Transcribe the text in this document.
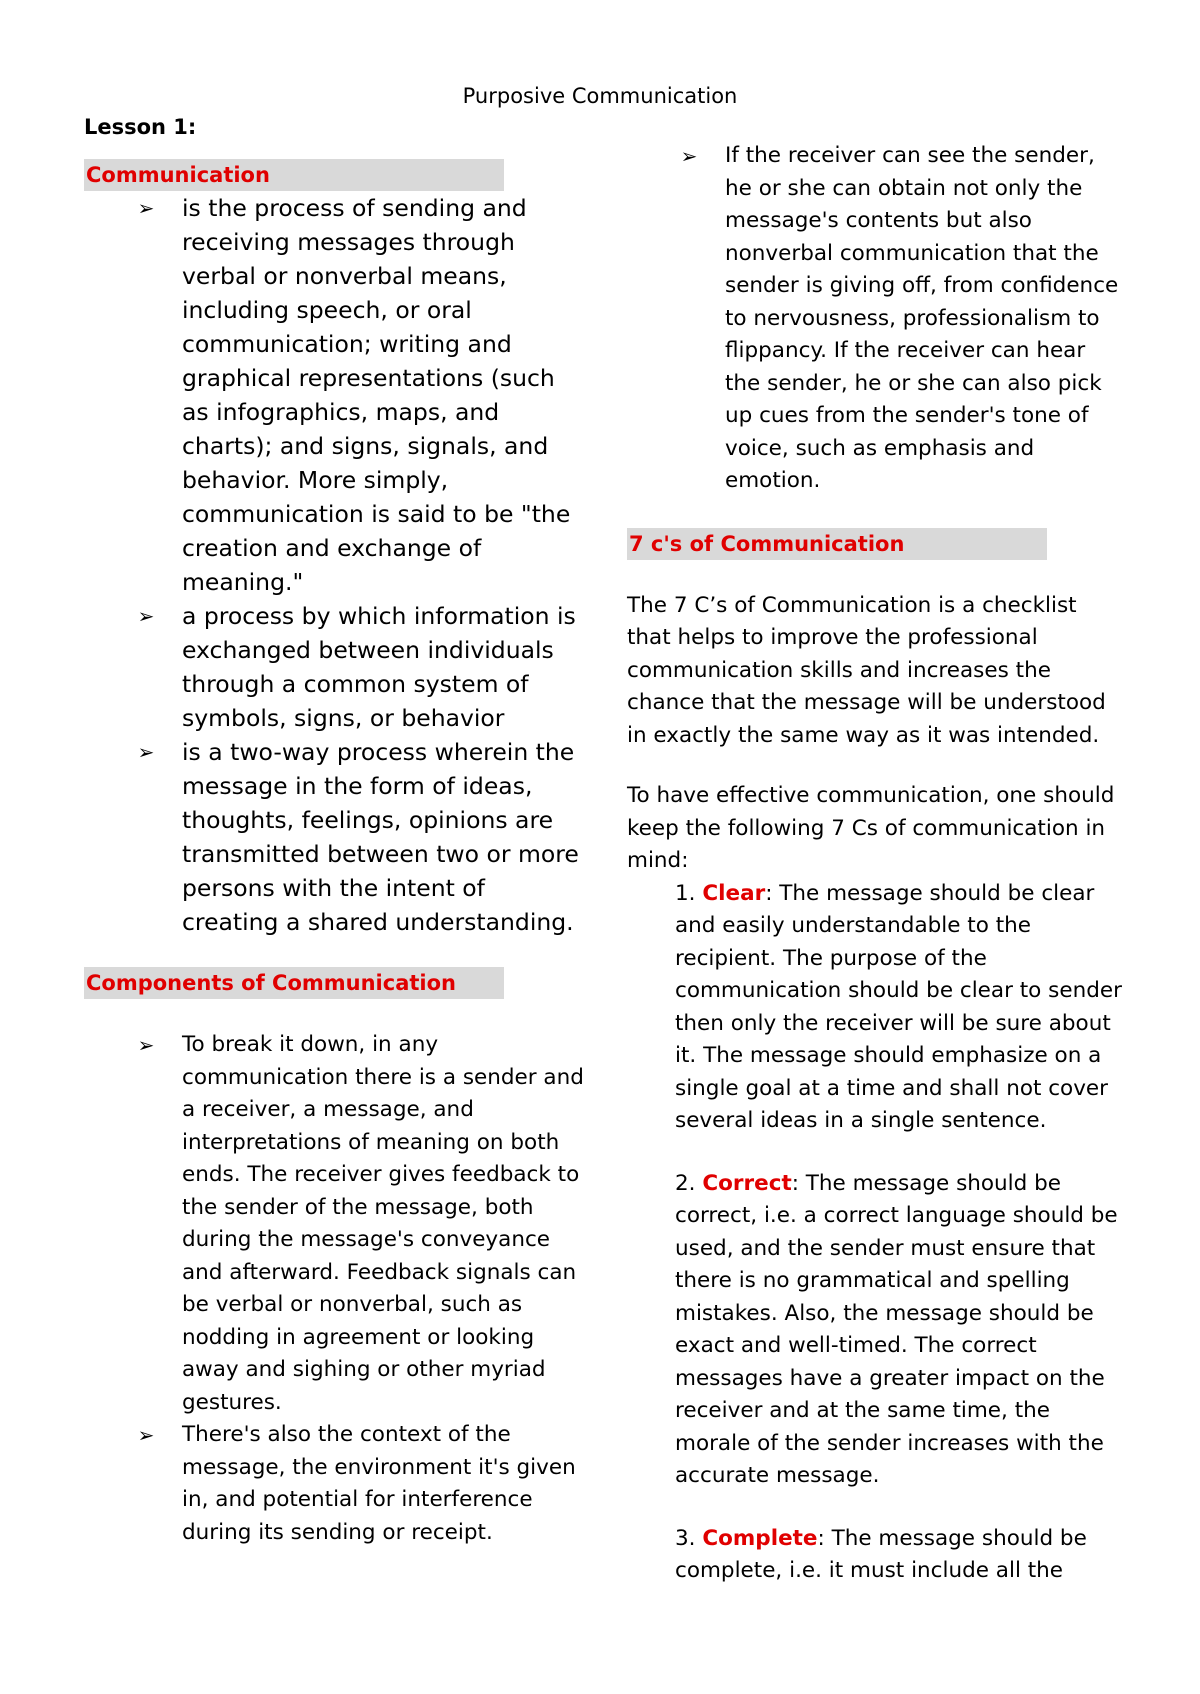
Purposive Communication
Lesson 1:
Communication
➢ is the process of sending and receiving messages through verbal or nonverbal means, including speech, or oral communication; writing and graphical representations (such as infographics, maps, and charts); and signs, signals, and behavior. More simply, communication is said to be "the creation and exchange of meaning."
➢ a process by which information is exchanged between individuals through a common system of symbols, signs, or behavior
➢ is a two-way process wherein the message in the form of ideas, thoughts, feelings, opinions are transmitted between two or more persons with the intent of creating a shared understanding.
Components of Communication
➢ To break it down, in any communication there is a sender and a receiver, a message, and interpretations of meaning on both ends. The receiver gives feedback to the sender of the message, both during the message's conveyance and afterward. Feedback signals can be verbal or nonverbal, such as nodding in agreement or looking away and sighing or other myriad gestures.
➢ There's also the context of the message, the environment it's given in, and potential for interference during its sending or receipt.
➢ If the receiver can see the sender, he or she can obtain not only the message's contents but also nonverbal communication that the sender is giving off, from confidence to nervousness, professionalism to flippancy. If the receiver can hear the sender, he or she can also pick up cues from the sender's tone of voice, such as emphasis and emotion.
7 c's of Communication
The 7 C’s of Communication is a checklist that helps to improve the professional communication skills and increases the chance that the message will be understood in exactly the same way as it was intended.
To have effective communication, one should keep the following 7 Cs of communication in mind:
1. Clear: The message should be clear and easily understandable to the recipient. The purpose of the communication should be clear to sender then only the receiver will be sure about it. The message should emphasize on a single goal at a time and shall not cover several ideas in a single sentence.
2. Correct: The message should be correct, i.e. a correct language should be used, and the sender must ensure that there is no grammatical and spelling mistakes. Also, the message should be exact and well-timed. The correct messages have a greater impact on the receiver and at the same time, the morale of the sender increases with the accurate message.
3. Complete: The message should be complete, i.e. it must include all the
